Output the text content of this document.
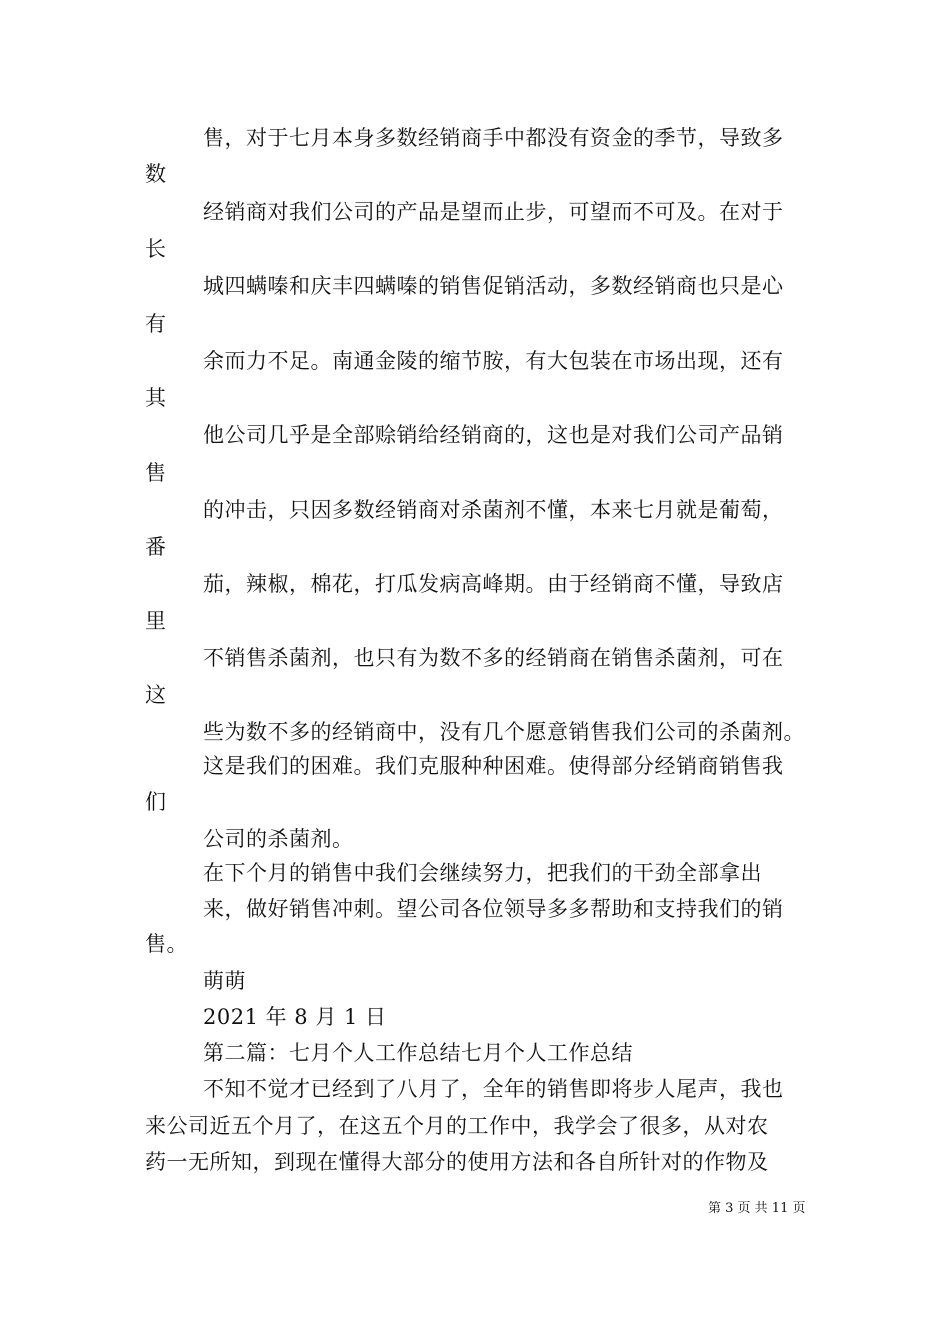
售，对于七月本身多数经销商手中都没有资金的季节，导致多
数
经销商对我们公司的产品是望而止步，可望而不可及。在对于
长
城四螨嗪和庆丰四螨嗪的销售促销活动，多数经销商也只是心
有
余而力不足。南通金陵的缩节胺，有大包装在市场出现，还有
其
他公司几乎是全部赊销给经销商的，这也是对我们公司产品销
售
的冲击，只因多数经销商对杀菌剂不懂，本来七月就是葡萄，
番
茄，辣椒，棉花，打瓜发病高峰期。由于经销商不懂，导致店
里
不销售杀菌剂，也只有为数不多的经销商在销售杀菌剂，可在
这
些为数不多的经销商中，没有几个愿意销售我们公司的杀菌剂。
这是我们的困难。我们克服种种困难。使得部分经销商销售我
们
公司的杀菌剂。
在下个月的销售中我们会继续努力，把我们的干劲全部拿出
来，做好销售冲刺。望公司各位领导多多帮助和支持我们的销
售。
萌萌
2021 年 8 月 1 日
第二篇：七月个人工作总结七月个人工作总结
不知不觉才已经到了八月了，全年的销售即将步人尾声，我也
来公司近五个月了，在这五个月的工作中，我学会了很多，从对农
药一无所知，到现在懂得大部分的使用方法和各自所针对的作物及
第 3 页 共 11 页
